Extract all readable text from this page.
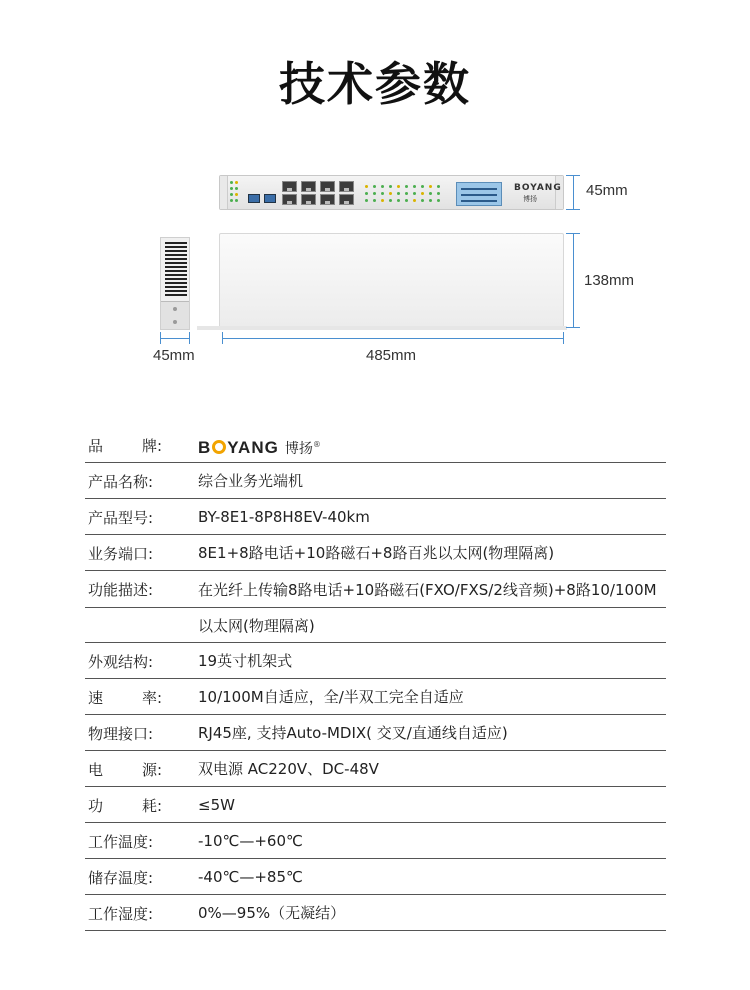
技术参数
BOYANG
博扬	45mm
138mm
45mm	485mm
品	牌: B YANG 博扬®
产品名称:	综合业务光端机
产品型号:	BY-8E1-8P8H8EV-40km
业务端口:	8E1+8路电话+10路磁石+8路百兆以太网(物理隔离)
功能描述:	在光纤上传输8路电话+10路磁石(FXO/FXS/2线音频)+8路10/100M
以太网(物理隔离)
外观结构:	19英寸机架式
速	率: 10/100M自适应，全/半双工完全自适应
物理接口:	RJ45座, 支持Auto-MDIX( 交叉/直通线自适应)
电	源: 双电源 AC220V、DC-48V
功	耗: ≤5W
工作温度:	-10℃—+60℃
储存温度:	-40℃—+85℃
工作湿度:	0%—95%（无凝结）
